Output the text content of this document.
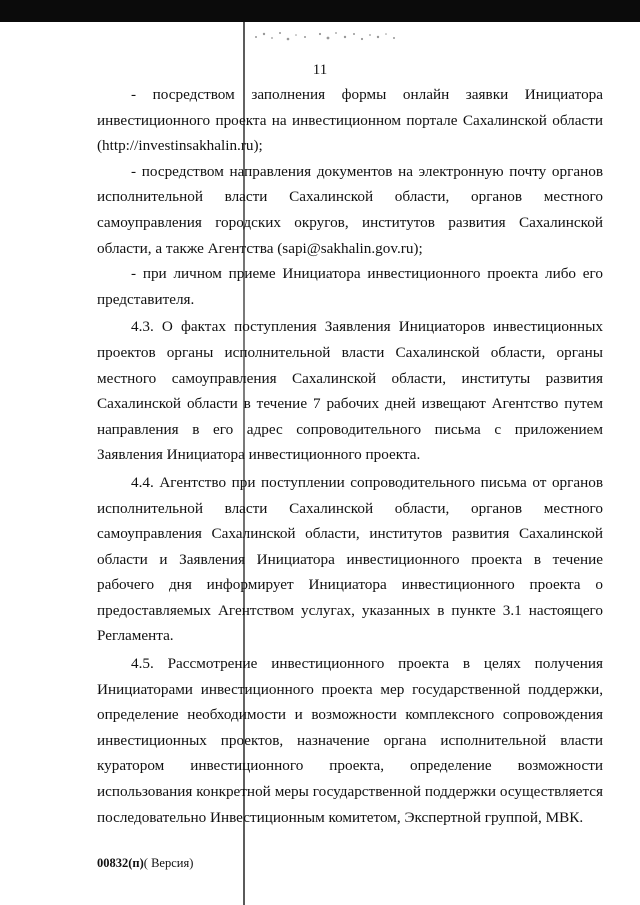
11

- посредством заполнения формы онлайн заявки Инициатора инвестиционного проекта на инвестиционном портале Сахалинской области (http://investinsakhalin.ru);

- посредством направления документов на электронную почту органов исполнительной власти Сахалинской области, органов местного самоуправления городских округов, институтов развития Сахалинской области, а также Агентства (sapi@sakhalin.gov.ru);

- при личном приеме Инициатора инвестиционного проекта либо его представителя.

4.3. О фактах поступления Заявления Инициаторов инвестиционных проектов органы исполнительной власти Сахалинской области, органы местного самоуправления Сахалинской области, институты развития Сахалинской области в течение 7 рабочих дней извещают Агентство путем направления в его адрес сопроводительного письма с приложением Заявления Инициатора инвестиционного проекта.

4.4. Агентство при поступлении сопроводительного письма от органов исполнительной власти Сахалинской области, органов местного самоуправления Сахалинской области, институтов развития Сахалинской области и Заявления Инициатора инвестиционного проекта в течение рабочего дня информирует Инициатора инвестиционного проекта о предоставляемых Агентством услугах, указанных в пункте 3.1 настоящего Регламента.

4.5. Рассмотрение инвестиционного проекта в целях получения Инициаторами инвестиционного проекта мер государственной поддержки, определение необходимости и возможности комплексного сопровождения инвестиционных проектов, назначение органа исполнительной власти куратором инвестиционного проекта, определение возможности использования конкретной меры государственной поддержки осуществляется последовательно Инвестиционным комитетом, Экспертной группой, МВК.

00832(п)( Версия)
